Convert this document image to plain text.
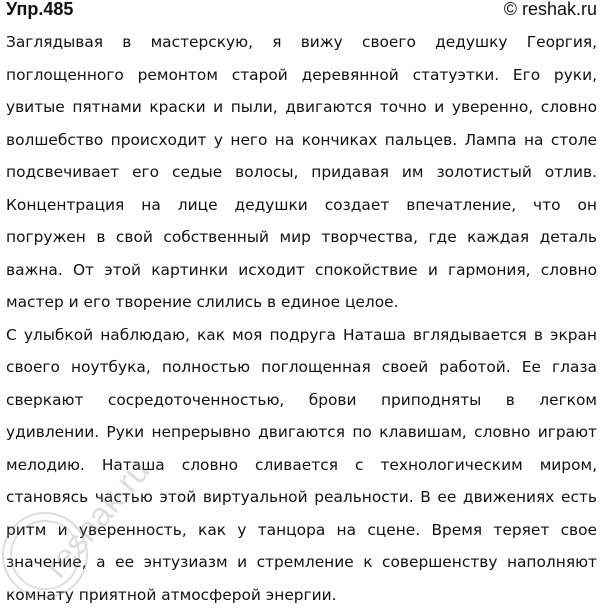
Упр.485	© reshak.ru

Заглядывая в мастерскую, я вижу своего дедушку Георгия, поглощенного ремонтом старой деревянной статуэтки. Его руки, увитые пятнами краски и пыли, двигаются точно и уверенно, словно волшебство происходит у него на кончиках пальцев. Лампа на столе подсвечивает его седые волосы, придавая им золотистый отлив. Концентрация на лице дедушки создает впечатление, что он погружен в свой собственный мир творчества, где каждая деталь важна. От этой картинки исходит спокойствие и гармония, словно мастер и его творение слились в единое целое.

С улыбкой наблюдаю, как моя подруга Наташа вглядывается в экран своего ноутбука, полностью поглощенная своей работой. Ее глаза сверкают сосредоточенностью, брови приподняты в легком удивлении. Руки непрерывно двигаются по клавишам, словно играют мелодию. Наташа словно сливается с технологическим миром, становясь частью этой виртуальной реальности. В ее движениях есть ритм и уверенность, как у танцора на сцене. Время теряет свое значение, а ее энтузиазм и стремление к совершенству наполняют комнату приятной атмосферой энергии.

reshak.ru
